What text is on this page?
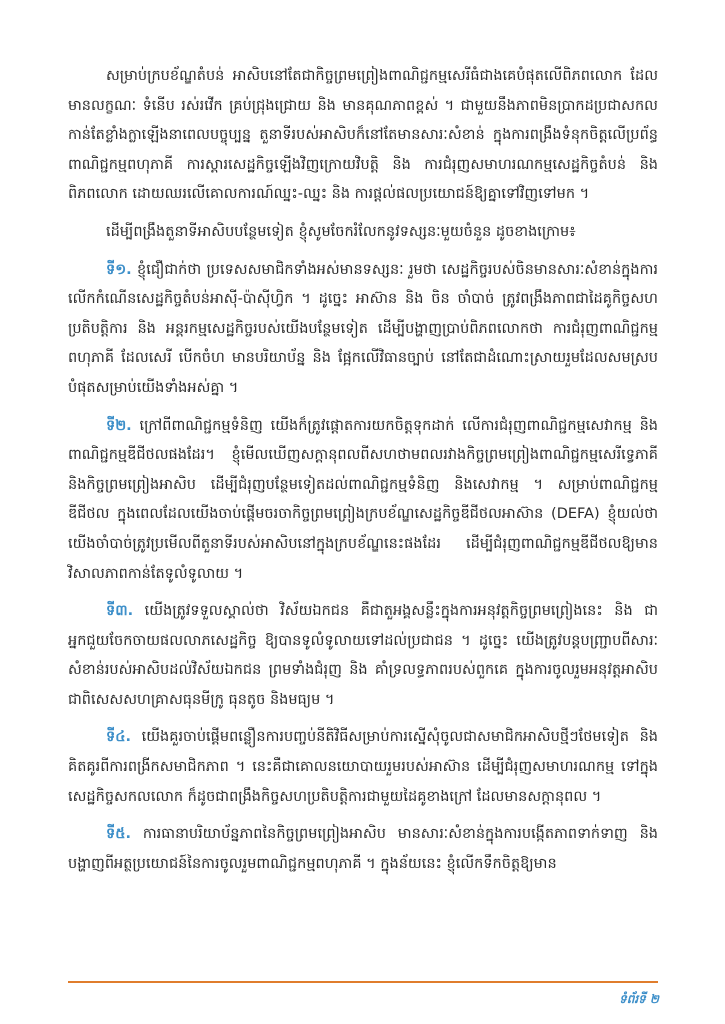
សម្រាប់ក្របខ័ណ្ឌតំបន់ អាសិបនៅតែជាកិច្ចព្រមព្រៀងពាណិជ្ជកម្មសេរីធំជាងគេបំផុតលើពិភពលោក ដែលមានលក្ខណៈ ទំនើប រស់រវើក គ្រប់ជ្រុងជ្រោយ និង មានគុណភាពខ្ពស់ ។ ជាមួយនឹងភាពមិនប្រាកដប្រជាសកលកាន់តែខ្លាំងក្លាឡើងនាពេលបច្ចុប្បន្ន តួនាទីរបស់អាសិបក៏នៅតែមានសារៈសំខាន់ ក្នុងការពង្រឹងទំនុកចិត្តលើប្រព័ន្ធពាណិជ្ជកម្មពហុភាគី ការស្តារសេដ្ឋកិច្ចឡើងវិញក្រោយវិបត្តិ និង ការជំរុញសមាហរណកម្មសេដ្ឋកិច្ចតំបន់ និង ពិភពលោក ដោយឈរលើគោលការណ៍ឈ្នះ-ឈ្នះ និង ការផ្ដល់ផលប្រយោជន៍ឱ្យគ្នាទៅវិញទៅមក ។

ដើម្បីពង្រឹងតួនាទីអាសិបបន្ថែមទៀត ខ្ញុំសូមចែករំលែកនូវទស្សនៈមួយចំនួន ដូចខាងក្រោម៖

ទី១. ខ្ញុំជឿជាក់ថា ប្រទេសសមាជិកទាំងអស់មានទស្សនៈ រួមថា សេដ្ឋកិច្ចរបស់ចិនមានសារៈសំខាន់ក្នុងការលើកកំណើនសេដ្ឋកិច្ចតំបន់អាស៊ី-ប៉ាស៊ីហ្វិក ។ ដូច្នេះ អាស៊ាន និង ចិន ចាំបាច់ ត្រូវពង្រឹងភាពជាដៃគូកិច្ចសហប្រតិបត្តិការ និង អន្តរកម្មសេដ្ឋកិច្ចរបស់យើងបន្ថែមទៀត ដើម្បីបង្ហាញប្រាប់ពិភពលោកថា ការជំរុញពាណិជ្ជកម្មពហុភាគី ដែលសេរី បើកចំហ មានបរិយាប័ន្ន និង ផ្អែកលើវិធានច្បាប់ នៅតែជាដំណោះស្រាយរួមដែលសមស្របបំផុតសម្រាប់យើងទាំងអស់គ្នា ។

ទី២. ក្រៅពីពាណិជ្ជកម្មទំនិញ យើងក៏ត្រូវផ្តោតការយកចិត្តទុកដាក់ លើការជំរុញពាណិជ្ជកម្មសេវាកម្ម និង ពាណិជ្ជកម្មឌីជីថលផងដែរ។ ខ្ញុំមើលឃើញសក្តានុពលពីសហថាមពលរវាងកិច្ចព្រមព្រៀងពាណិជ្ជកម្មសេរីទ្វេភាគី និងកិច្ចព្រមព្រៀងអាសិប ដើម្បីជំរុញបន្ថែមទៀតដល់ពាណិជ្ជកម្មទំនិញ និងសេវាកម្ម ។ សម្រាប់ពាណិជ្ជកម្មឌីជីថល ក្នុងពេលដែលយើងចាប់ផ្ដើមចរចាកិច្ចព្រមព្រៀងក្របខ័ណ្ឌសេដ្ឋកិច្ចឌីជីថលអាស៊ាន (DEFA) ខ្ញុំយល់ថា យើងចាំបាច់ត្រូវប្រមើលពីតួនាទីរបស់អាសិបនៅក្នុងក្របខ័ណ្ឌនេះផងដែរ ដើម្បីជំរុញពាណិជ្ជកម្មឌីជីថលឱ្យមានវិសាលភាពកាន់តែទូលំទូលាយ ។

ទី៣. យើងត្រូវទទួលស្គាល់ថា វិស័យឯកជន គឺជាតួអង្គសន្លឹះក្នុងការអនុវត្តកិច្ចព្រមព្រៀងនេះ និង ជាអ្នកជួយចែកចាយផលលាភសេដ្ឋកិច្ច ឱ្យបានទូលំទូលាយទៅដល់ប្រជាជន ។ ដូច្នេះ យើងត្រូវបន្តបញ្ជ្រាបពីសារៈសំខាន់របស់អាសិបដល់វិស័យឯកជន ព្រមទាំងជំរុញ និង គាំទ្រលទ្ធភាពរបស់ពួកគេ ក្នុងការចូលរួមអនុវត្តអាសិប ជាពិសេសសហគ្រាសធុនមីក្រូ ធុនតូច និងមធ្យម ។

ទី៤. យើងគួរចាប់ផ្ដើមពន្លឿនការបញ្ចប់នីតិវិធីសម្រាប់ការស្នើសុំចូលជាសមាជិកអាសិបថ្មីៗថែមទៀត និង គិតគូរពីការពង្រីកសមាជិកភាព ។ នេះគឺជាគោលនយោបាយរួមរបស់អាស៊ាន ដើម្បីជំរុញសមាហរណកម្ម ទៅក្នុងសេដ្ឋកិច្ចសកលលោក ក៏ដូចជាពង្រឹងកិច្ចសហប្រតិបត្តិការជាមួយដៃគូខាងក្រៅ ដែលមានសក្តានុពល ។

ទី៥. ការធានាបរិយាប័ន្នភាពនៃកិច្ចព្រមព្រៀងអាសិប មានសារៈសំខាន់ក្នុងការបង្កើតភាពទាក់ទាញ និង បង្ហាញពីអត្ថប្រយោជន៍នៃការចូលរួមពាណិជ្ជកម្មពហុភាគី ។ ក្នុងន័យនេះ ខ្ញុំលើកទឹកចិត្តឱ្យមាន

ទំព័រទី ២
